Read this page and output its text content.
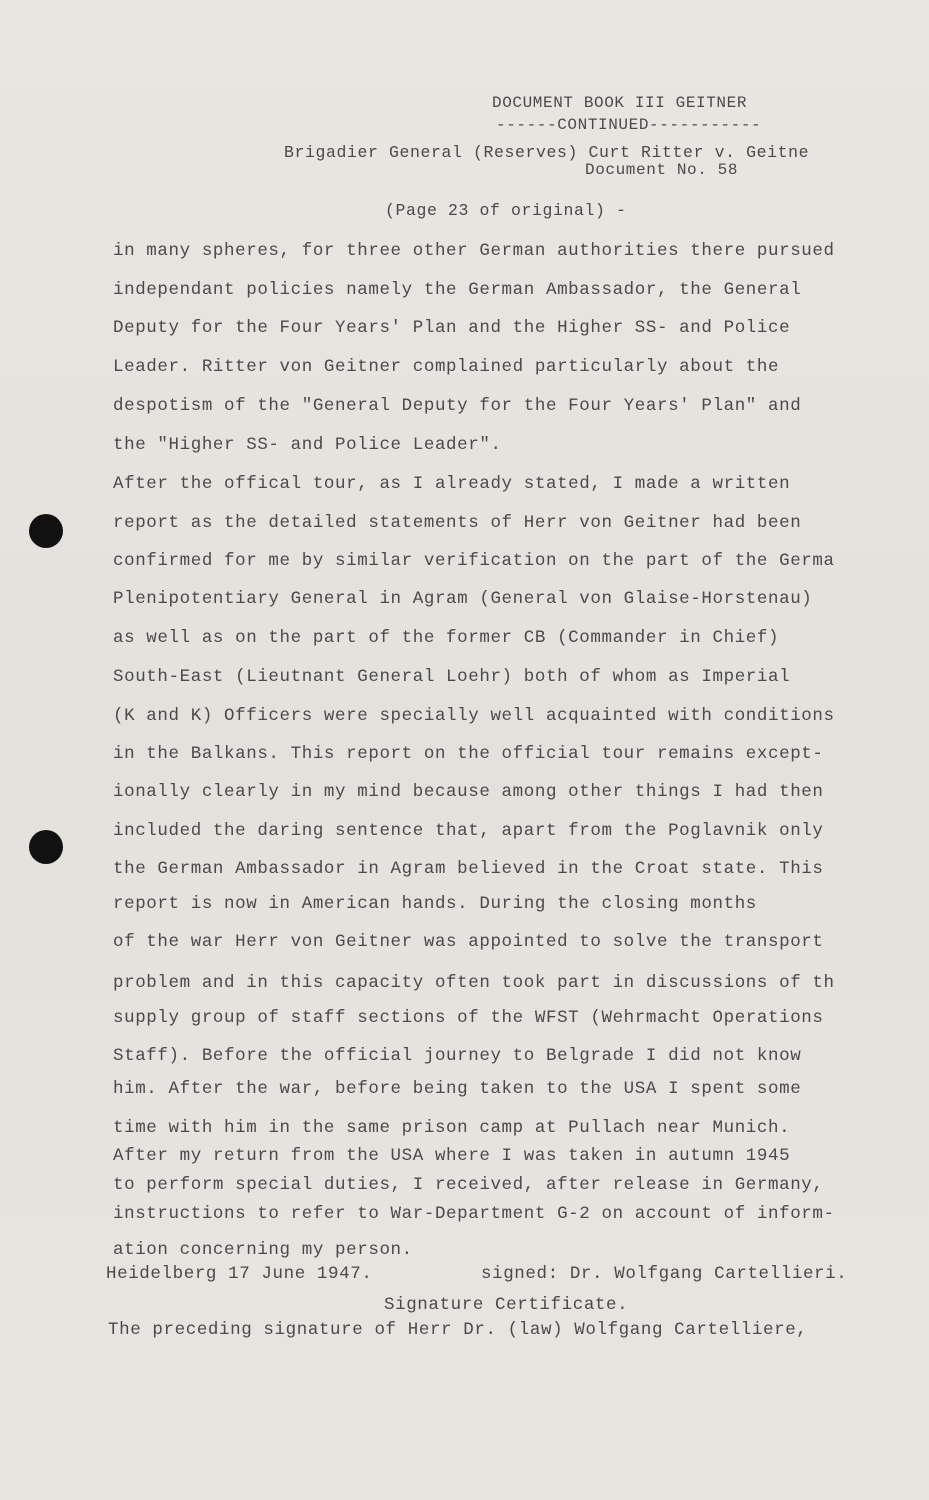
DOCUMENT BOOK III GEITNER
------CONTINUED-----------
Brigadier General (Reserves) Curt Ritter v. Geitne
Document No. 58
(Page 23 of original) -
in many spheres, for three other German authorities there pursued
independant policies namely the German Ambassador, the General
Deputy for the Four Years' Plan and the Higher SS- and Police
Leader. Ritter von Geitner complained particularly about the
despotism of the "General Deputy for the Four Years' Plan" and
the "Higher SS- and Police Leader".
After the offical tour, as I already stated, I made a written
report as the detailed statements of Herr von Geitner had been
confirmed for me by similar verification on the part of the Germa
Plenipotentiary General in Agram (General von Glaise-Horstenau)
as well as on the part of the former CB (Commander in Chief)
South-East (Lieutnant General Loehr) both of whom as Imperial
(K and K) Officers were specially well acquainted with conditions
in the Balkans. This report on the official tour remains except-
ionally clearly in my mind because among other things I had then
included the daring sentence that, apart from the Poglavnik only
the German Ambassador in Agram believed in the Croat state. This
report is now in American hands. During the closing months
of the war Herr von Geitner was appointed to solve the transport
problem and in this capacity often took part in discussions of th
supply group of staff sections of the WFST (Wehrmacht Operations
Staff). Before the official journey to Belgrade I did not know
him. After the war, before being taken to the USA I spent some
time with him in the same prison camp at Pullach near Munich.
After my return from the USA where I was taken in autumn 1945
to perform special duties, I received, after release in Germany,
instructions to refer to War-Department G-2 on account of inform-
ation concerning my person.
Heidelberg 17 June 1947.	signed: Dr. Wolfgang Cartellieri.
Signature Certificate.
The preceding signature of Herr Dr. (law) Wolfgang Cartelliere,
